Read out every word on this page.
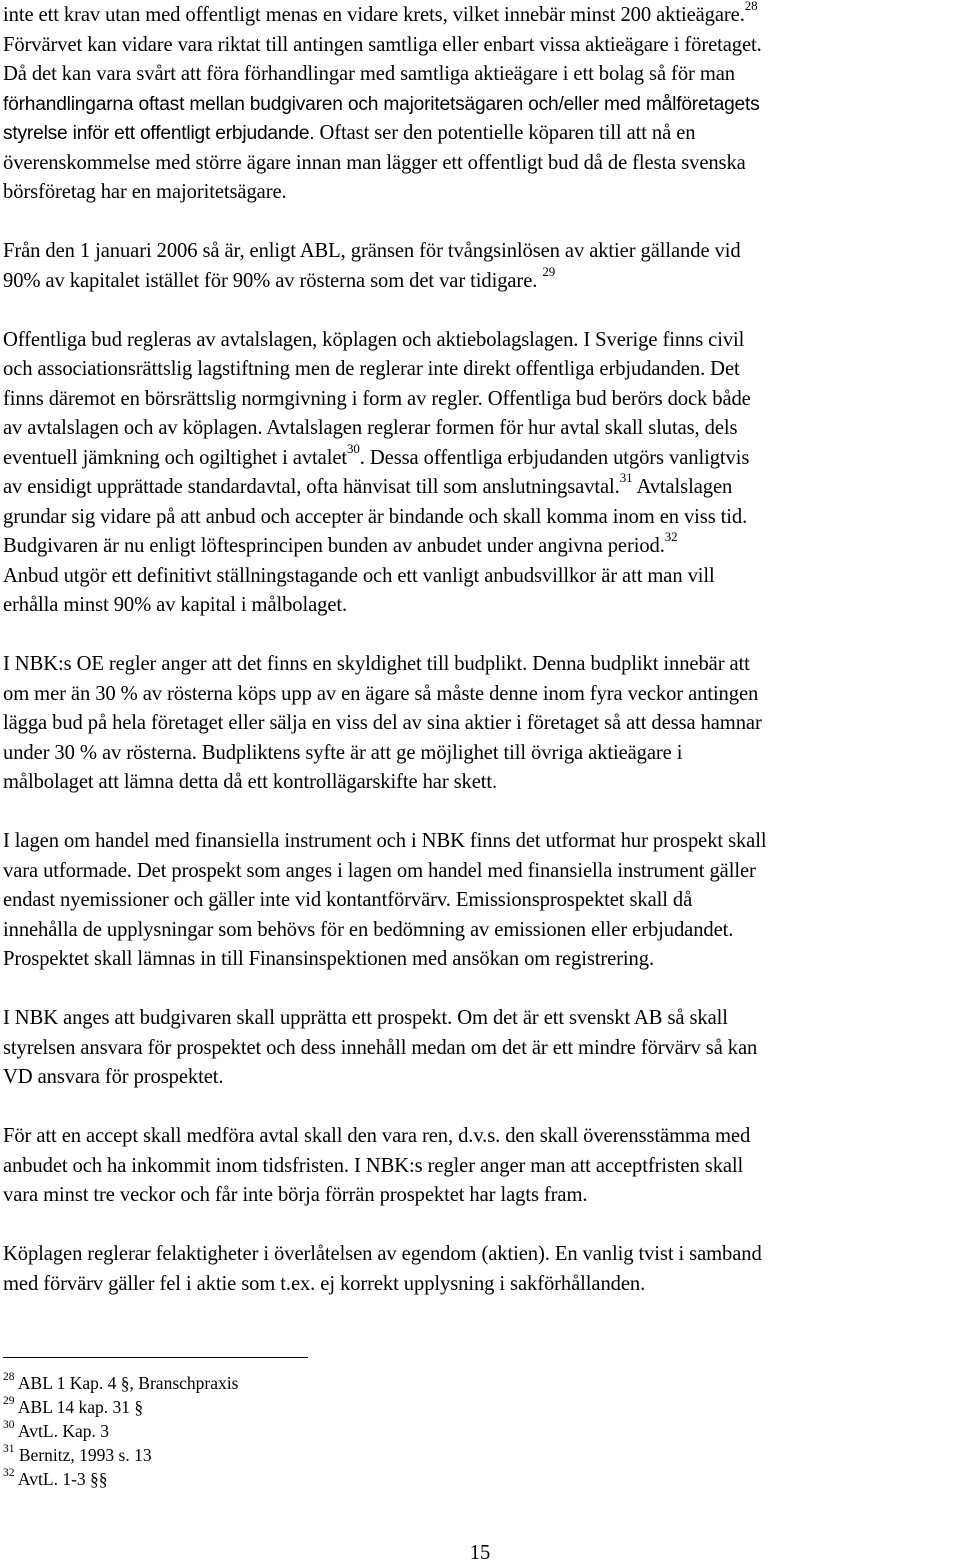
inte ett krav utan med offentligt menas en vidare krets, vilket innebär minst 200 aktieägare.$^{28}$
Förvärvet kan vidare vara riktat till antingen samtliga eller enbart vissa aktieägare i företaget.
Då det kan vara svårt att föra förhandlingar med samtliga aktieägare i ett bolag så för man
förhandlingarna oftast mellan budgivaren och majoritetsägaren och/eller med målföretagets
styrelse inför ett offentligt erbjudande. Oftast ser den potentielle köparen till att nå en
överenskommelse med större ägare innan man lägger ett offentligt bud då de flesta svenska
börsföretag har en majoritetsägare.
Från den 1 januari 2006 så är, enligt ABL, gränsen för tvångsinlösen av aktier gällande vid
90% av kapitalet istället för 90% av rösterna som det var tidigare. $^{29}$
Offentliga bud regleras av avtalslagen, köplagen och aktiebolagslagen. I Sverige finns civil
och associationsrättslig lagstiftning men de reglerar inte direkt offentliga erbjudanden. Det
finns däremot en börsrättslig normgivning i form av regler. Offentliga bud berörs dock både
av avtalslagen och av köplagen. Avtalslagen reglerar formen för hur avtal skall slutas, dels
eventuell jämkning och ogiltighet i avtalet$^{30}$. Dessa offentliga erbjudanden utgörs vanligtvis
av ensidigt upprättade standardavtal, ofta hänvisat till som anslutningsavtal.$^{31}$ Avtalslagen
grundar sig vidare på att anbud och accepter är bindande och skall komma inom en viss tid.
Budgivaren är nu enligt löftesprincipen bunden av anbudet under angivna period.$^{32}$
Anbud utgör ett definitivt ställningstagande och ett vanligt anbudsvillkor är att man vill
erhålla minst 90% av kapital i målbolaget.
I NBK:s OE regler anger att det finns en skyldighet till budplikt. Denna budplikt innebär att
om mer än 30 % av rösterna köps upp av en ägare så måste denne inom fyra veckor antingen
lägga bud på hela företaget eller sälja en viss del av sina aktier i företaget så att dessa hamnar
under 30 % av rösterna. Budpliktens syfte är att ge möjlighet till övriga aktieägare i
målbolaget att lämna detta då ett kontrollägarskifte har skett.
I lagen om handel med finansiella instrument och i NBK finns det utformat hur prospekt skall
vara utformade. Det prospekt som anges i lagen om handel med finansiella instrument gäller
endast nyemissioner och gäller inte vid kontantförvärv. Emissionsprospektet skall då
innehålla de upplysningar som behövs för en bedömning av emissionen eller erbjudandet.
Prospektet skall lämnas in till Finansinspektionen med ansökan om registrering.
I NBK anges att budgivaren skall upprätta ett prospekt. Om det är ett svenskt AB så skall
styrelsen ansvara för prospektet och dess innehåll medan om det är ett mindre förvärv så kan
VD ansvara för prospektet.
För att en accept skall medföra avtal skall den vara ren, d.v.s. den skall överensstämma med
anbudet och ha inkommit inom tidsfristen. I NBK:s regler anger man att acceptfristen skall
vara minst tre veckor och får inte börja förrän prospektet har lagts fram.
Köplagen reglerar felaktigheter i överlåtelsen av egendom (aktien). En vanlig tvist i samband
med förvärv gäller fel i aktie som t.ex. ej korrekt upplysning i sakförhållanden.
$^{28}$ ABL 1 Kap. 4 §, Branschpraxis
$^{29}$ ABL 14 kap. 31 §
$^{30}$ AvtL. Kap. 3
$^{31}$ Bernitz, 1993 s. 13
$^{32}$ AvtL. 1-3 §§
15
